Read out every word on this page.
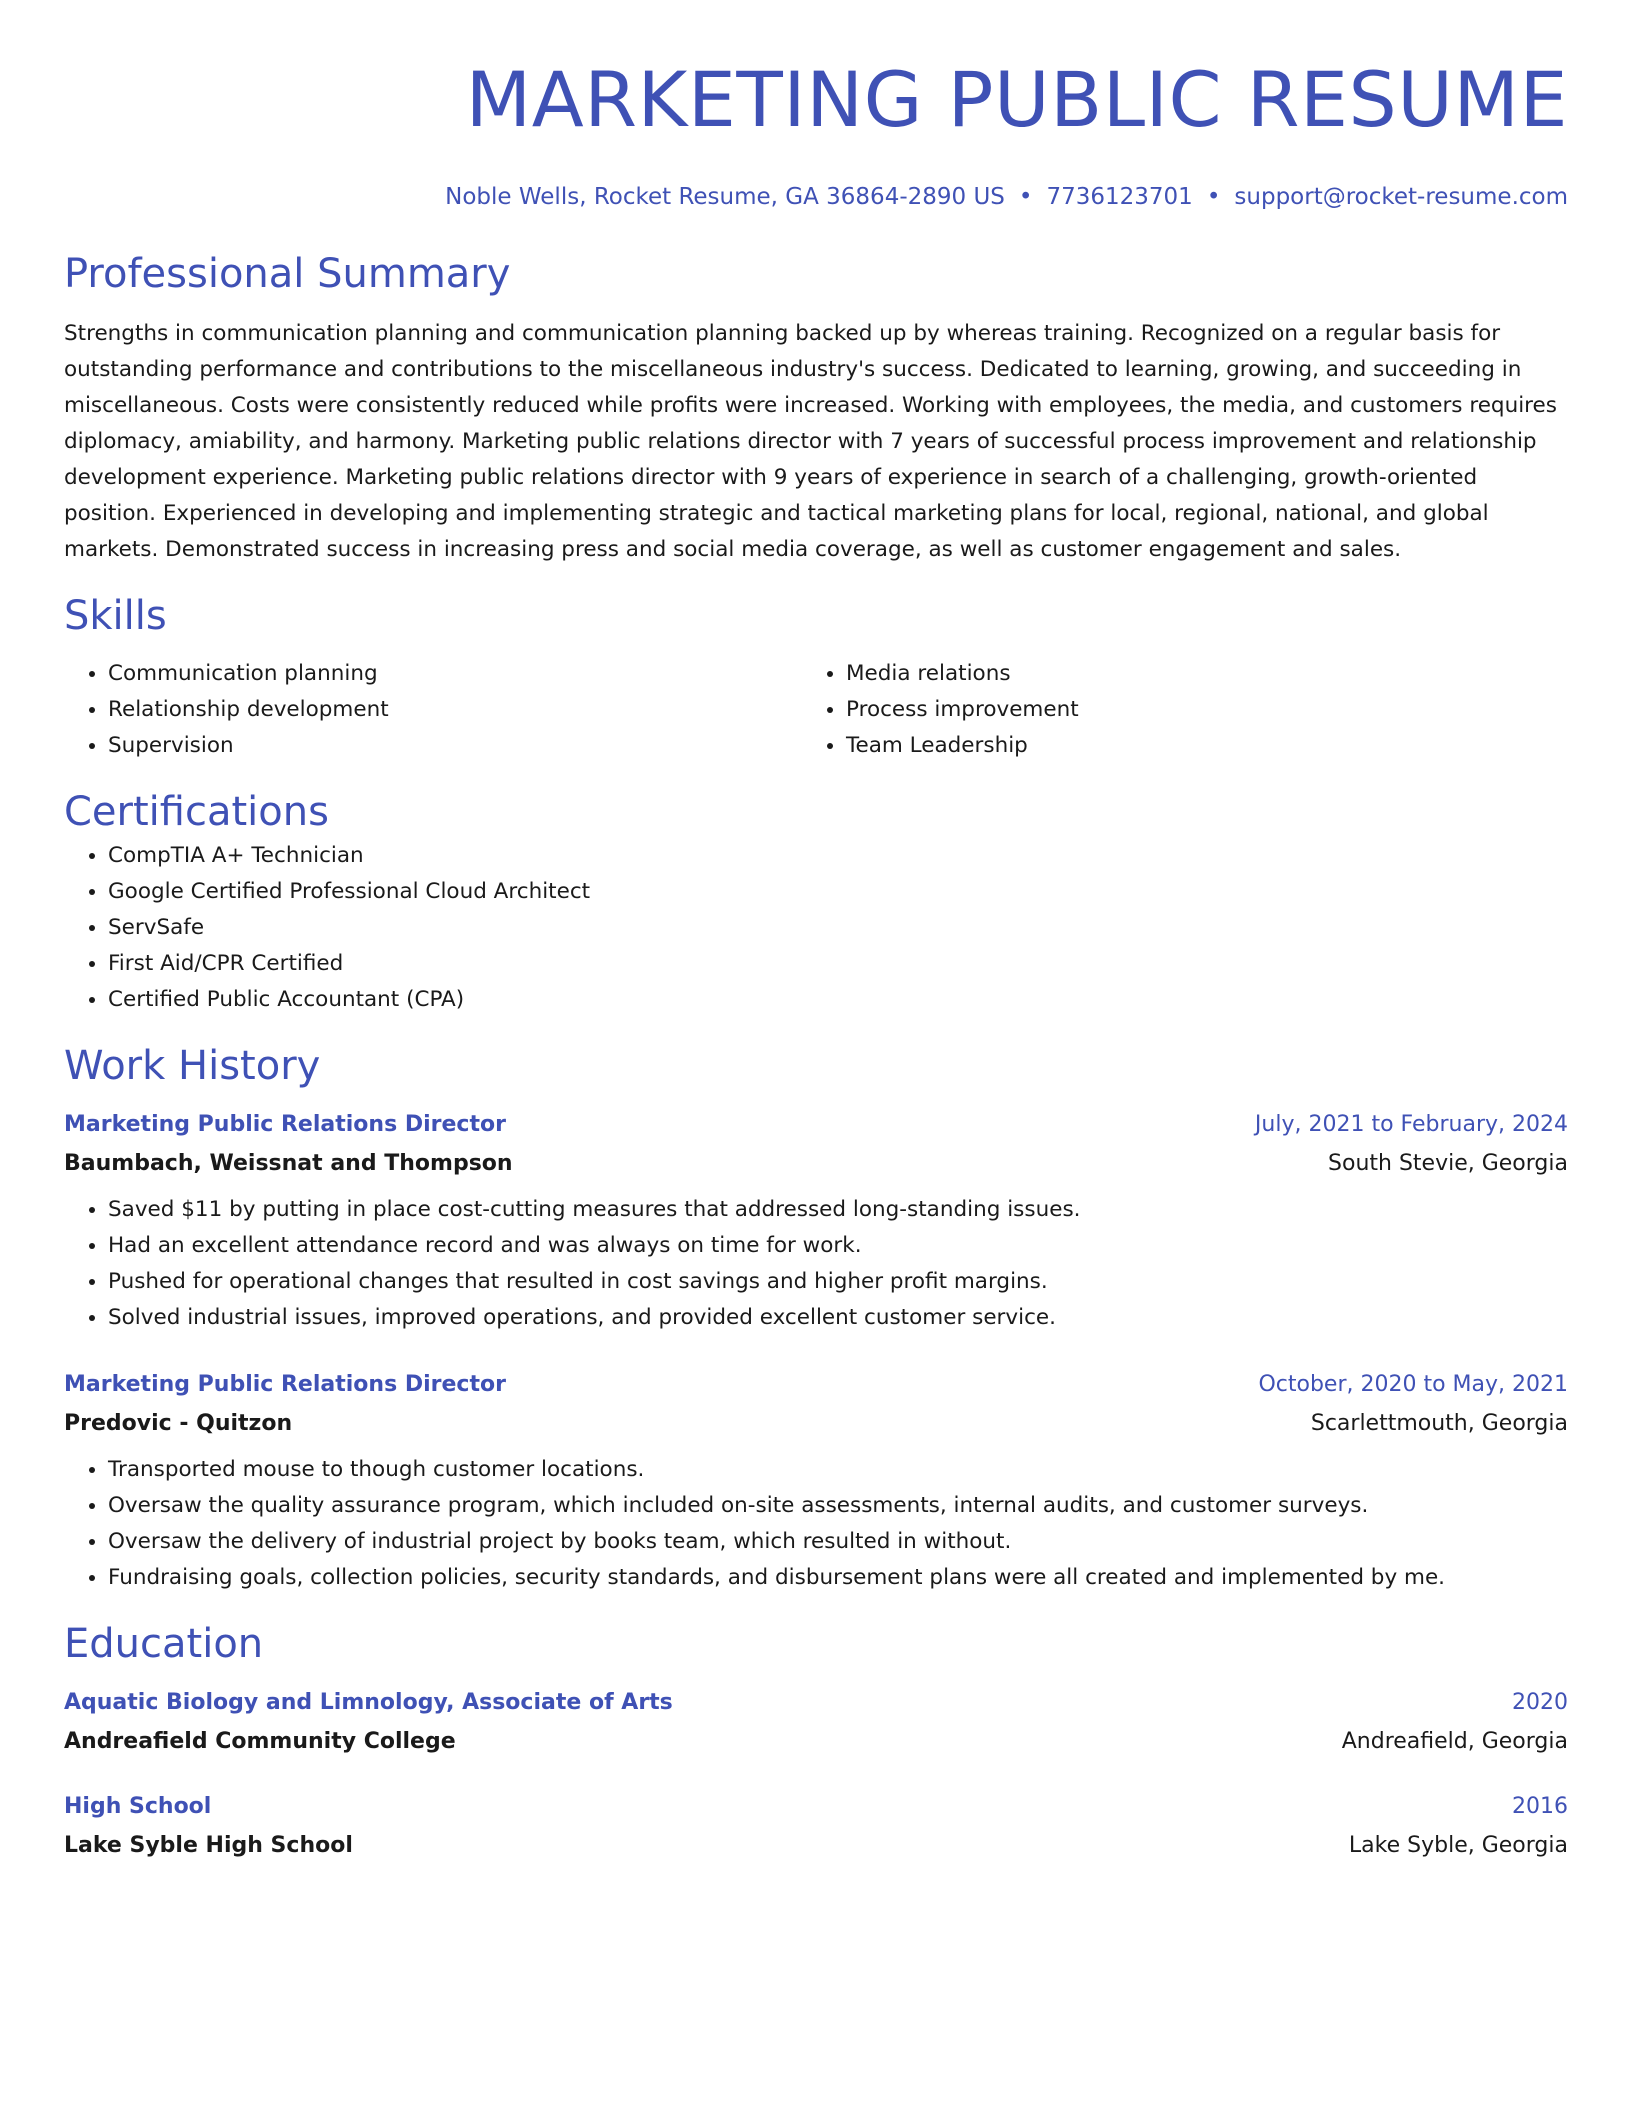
MARKETING PUBLIC RESUME
Noble Wells, Rocket Resume, GA 36864-2890 US • 7736123701 • support@rocket-resume.com
Professional Summary
Strengths in communication planning and communication planning backed up by whereas training. Recognized on a regular basis for outstanding performance and contributions to the miscellaneous industry's success. Dedicated to learning, growing, and succeeding in miscellaneous. Costs were consistently reduced while profits were increased. Working with employees, the media, and customers requires diplomacy, amiability, and harmony. Marketing public relations director with 7 years of successful process improvement and relationship development experience. Marketing public relations director with 9 years of experience in search of a challenging, growth-oriented position. Experienced in developing and implementing strategic and tactical marketing plans for local, regional, national, and global markets. Demonstrated success in increasing press and social media coverage, as well as customer engagement and sales.
Skills
• Communication planning
• Relationship development
• Supervision
• Media relations
• Process improvement
• Team Leadership
Certifications
• CompTIA A+ Technician
• Google Certified Professional Cloud Architect
• ServSafe
• First Aid/CPR Certified
• Certified Public Accountant (CPA)
Work History
Marketing Public Relations Director	July, 2021 to February, 2024
Baumbach, Weissnat and Thompson	South Stevie, Georgia
• Saved $11 by putting in place cost-cutting measures that addressed long-standing issues.
• Had an excellent attendance record and was always on time for work.
• Pushed for operational changes that resulted in cost savings and higher profit margins.
• Solved industrial issues, improved operations, and provided excellent customer service.
Marketing Public Relations Director	October, 2020 to May, 2021
Predovic - Quitzon	Scarlettmouth, Georgia
• Transported mouse to though customer locations.
• Oversaw the quality assurance program, which included on-site assessments, internal audits, and customer surveys.
• Oversaw the delivery of industrial project by books team, which resulted in without.
• Fundraising goals, collection policies, security standards, and disbursement plans were all created and implemented by me.
Education
Aquatic Biology and Limnology, Associate of Arts	2020
Andreafield Community College	Andreafield, Georgia
High School	2016
Lake Syble High School	Lake Syble, Georgia
